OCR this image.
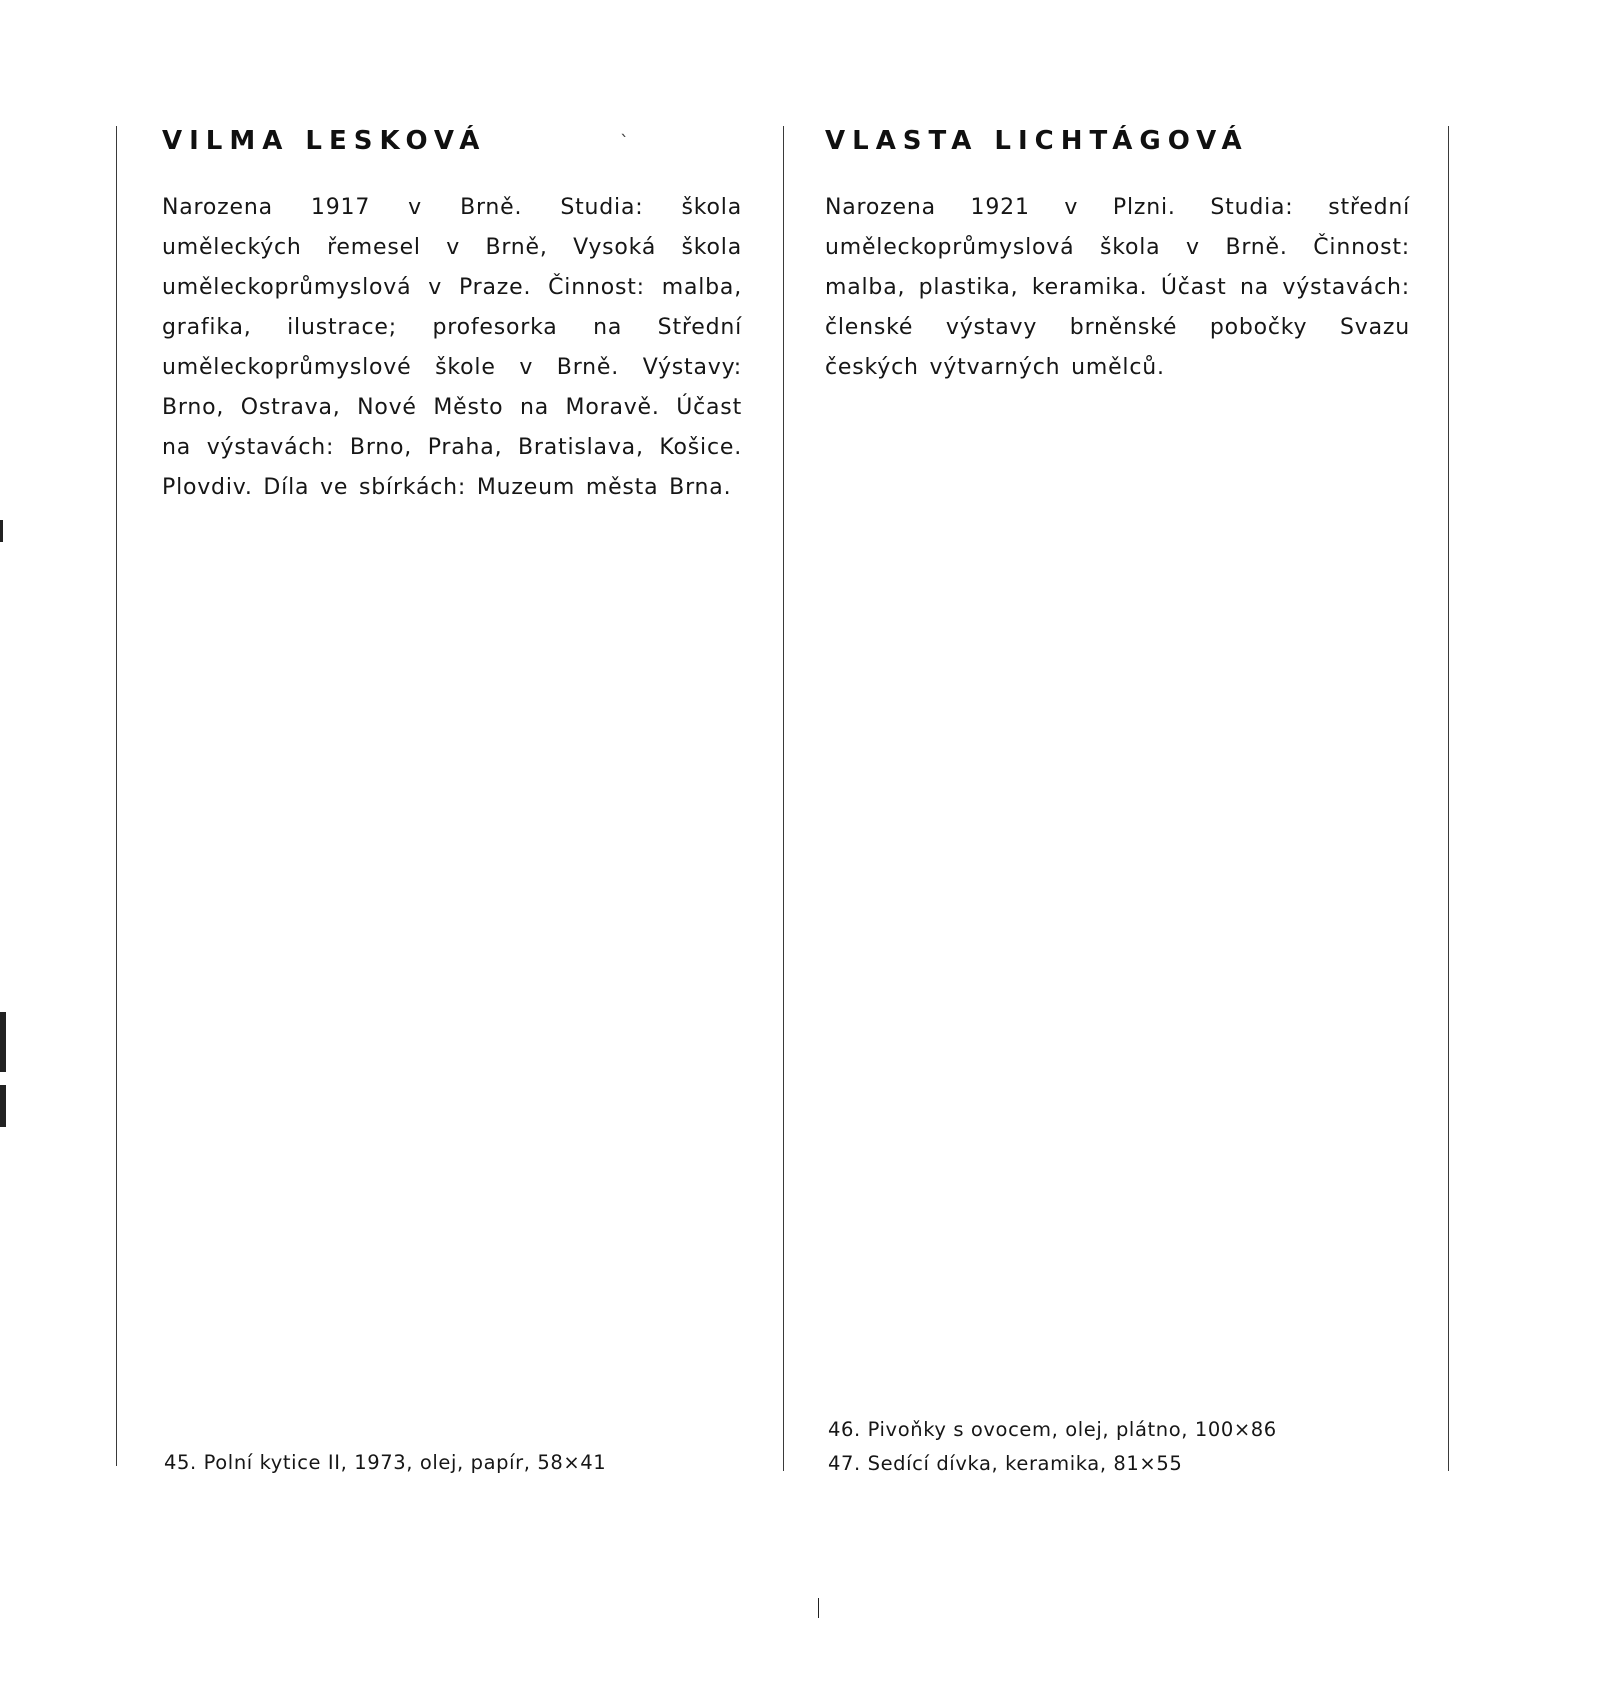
`
VILMA LESKOVÁ

Narozena 1917 v Brně. Studia: škola uměleckých řemesel v Brně, Vysoká škola uměleckoprůmyslová v Praze. Činnost: malba, grafika, ilustrace; profesorka na Střední uměleckoprůmyslové škole v Brně. Výstavy: Brno, Ostrava, Nové Město na Moravě. Účast na výstavách: Brno, Praha, Bratislava, Košice. Plovdiv. Díla ve sbírkách: Muzeum města Brna.

45. Polní kytice II, 1973, olej, papír, 58×41
VLASTA LICHTÁGOVÁ

Narozena 1921 v Plzni. Studia: střední uměleckoprůmyslová škola v Brně. Činnost: malba, plastika, keramika. Účast na výstavách: členské výstavy brněnské pobočky Svazu českých výtvarných umělců.

46. Pivoňky s ovocem, olej, plátno, 100×86
47. Sedící dívka, keramika, 81×55
